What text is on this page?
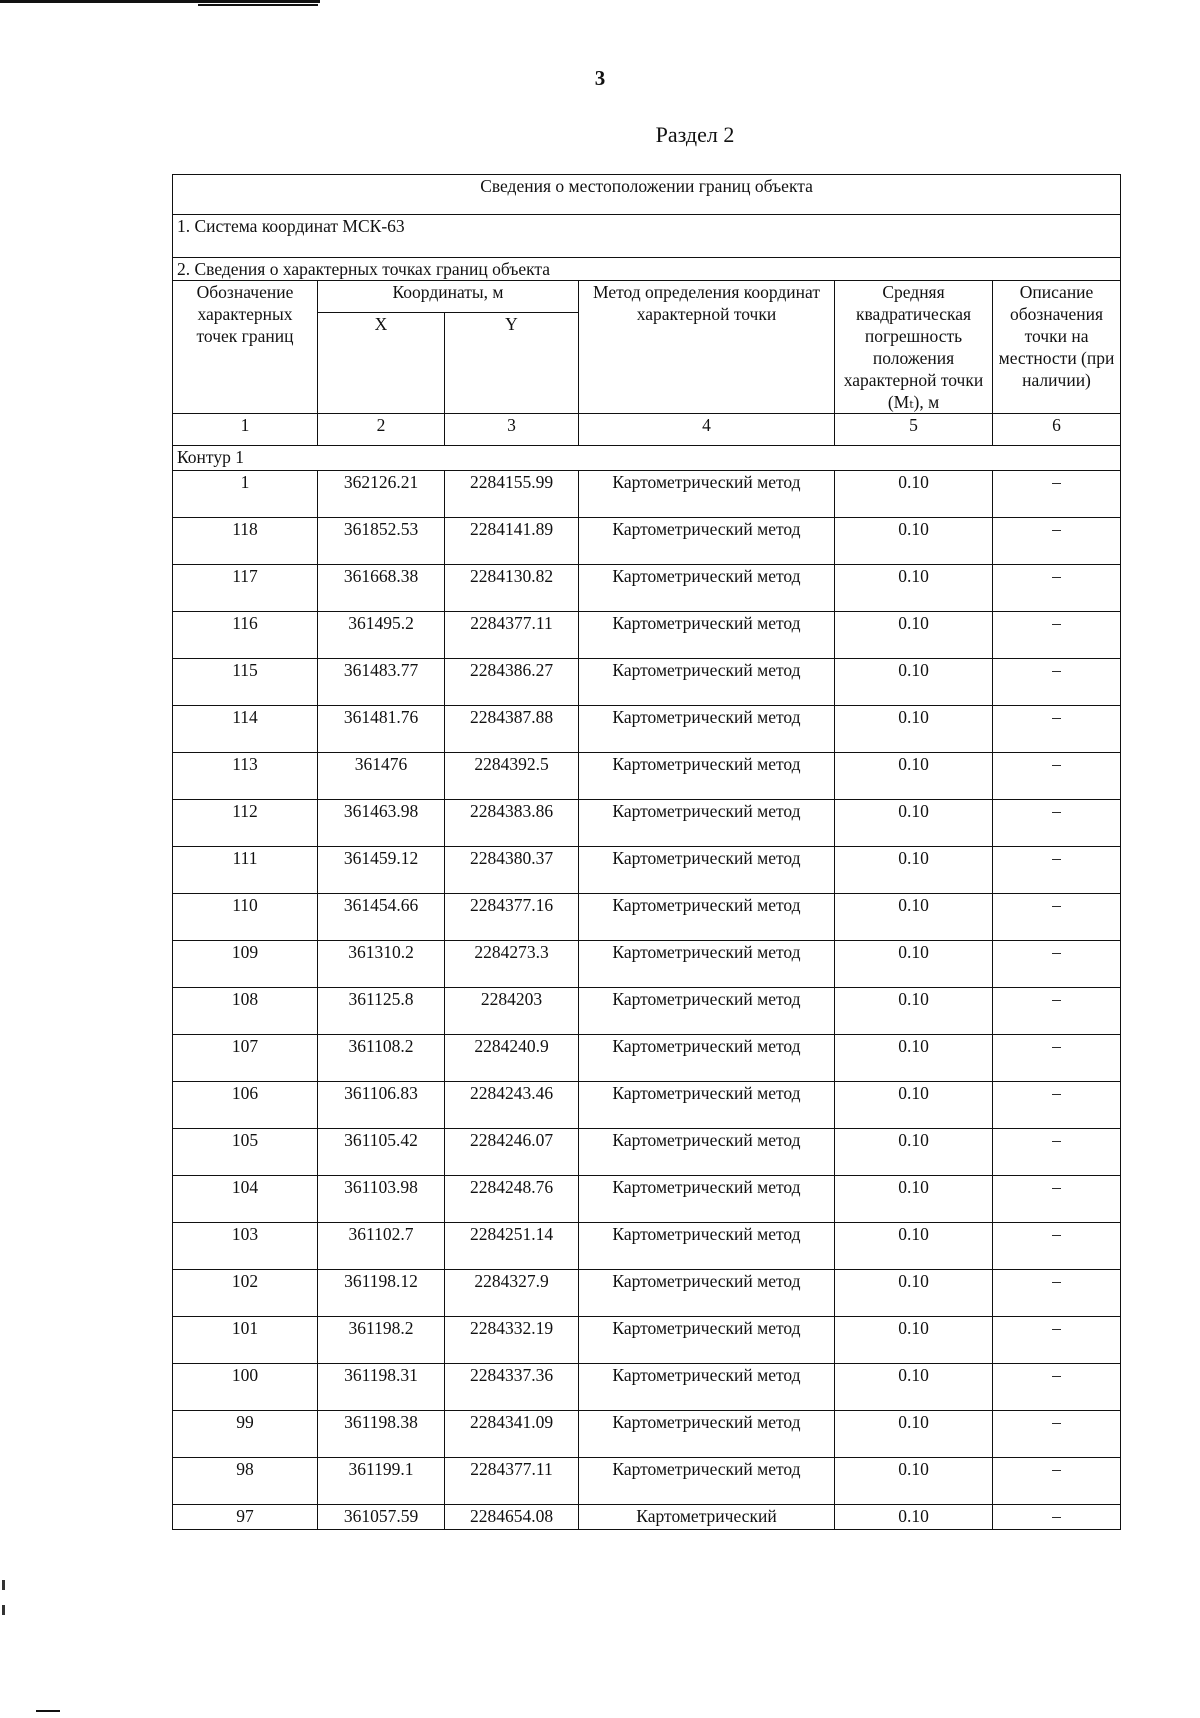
3
Раздел 2
Сведения о местоположении границ объекта					
1. Система координат МСК-63					
2. Сведения о характерных точках границ объекта					
Обозначение характерных точек границ	Координаты, м		Метод определения координат характерной точки	Средняя квадратическая погрешность положения характерной точки (Mₜ), м	Описание обозначения точки на местности (при наличии)
	X	Y			
1	2	3	4	5	6
Контур 1					
1	362126.21	2284155.99	Картометрический метод	0.10	–
118	361852.53	2284141.89	Картометрический метод	0.10	–
117	361668.38	2284130.82	Картометрический метод	0.10	–
116	361495.2	2284377.11	Картометрический метод	0.10	–
115	361483.77	2284386.27	Картометрический метод	0.10	–
114	361481.76	2284387.88	Картометрический метод	0.10	–
113	361476	2284392.5	Картометрический метод	0.10	–
112	361463.98	2284383.86	Картометрический метод	0.10	–
111	361459.12	2284380.37	Картометрический метод	0.10	–
110	361454.66	2284377.16	Картометрический метод	0.10	–
109	361310.2	2284273.3	Картометрический метод	0.10	–
108	361125.8	2284203	Картометрический метод	0.10	–
107	361108.2	2284240.9	Картометрический метод	0.10	–
106	361106.83	2284243.46	Картометрический метод	0.10	–
105	361105.42	2284246.07	Картометрический метод	0.10	–
104	361103.98	2284248.76	Картометрический метод	0.10	–
103	361102.7	2284251.14	Картометрический метод	0.10	–
102	361198.12	2284327.9	Картометрический метод	0.10	–
101	361198.2	2284332.19	Картометрический метод	0.10	–
100	361198.31	2284337.36	Картометрический метод	0.10	–
99	361198.38	2284341.09	Картометрический метод	0.10	–
98	361199.1	2284377.11	Картометрический метод	0.10	–
97	361057.59	2284654.08	Картометрический	0.10	–
